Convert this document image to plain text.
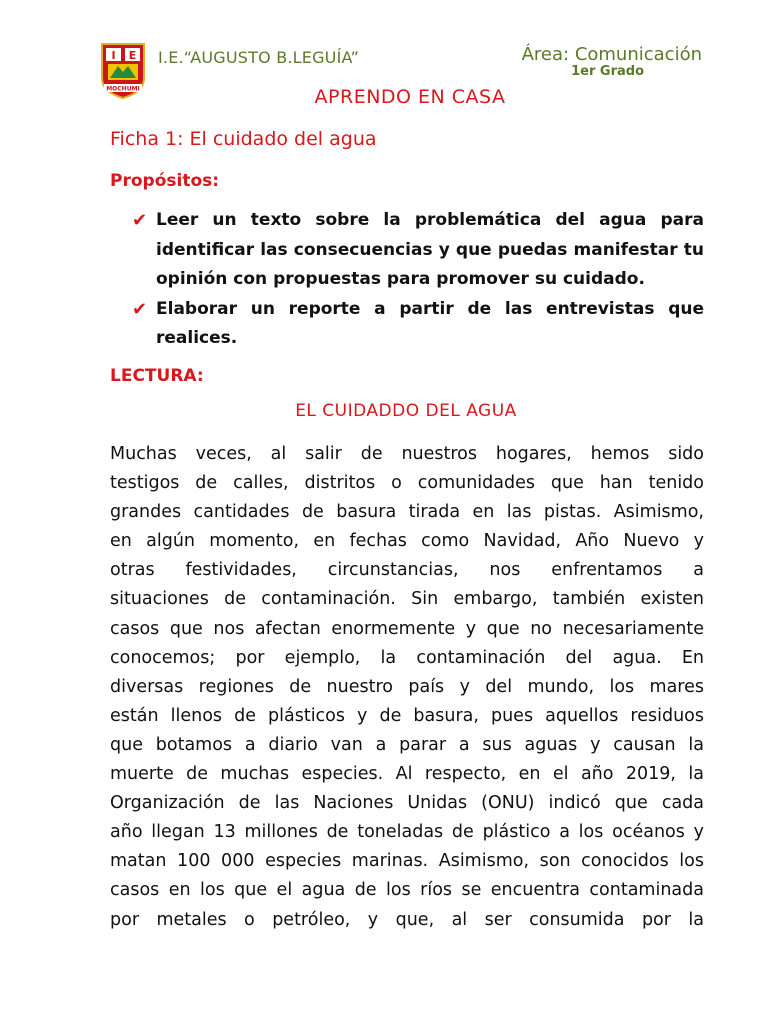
I E
MOCHUMI
I.E.“AUGUSTO B.LEGUÍA”	Área: Comunicación
1er Grado
APRENDO EN CASA
Ficha 1: El cuidado del agua
Propósitos:
✔ Leer un texto sobre la problemática del agua para identificar las consecuencias y que puedas manifestar tu opinión con propuestas para promover su cuidado.
✔ Elaborar un reporte a partir de las entrevistas que realices.
LECTURA:
EL CUIDADDO DEL AGUA
Muchas veces, al salir de nuestros hogares, hemos sido
testigos de calles, distritos o comunidades que han tenido
grandes cantidades de basura tirada en las pistas. Asimismo,
en algún momento, en fechas como Navidad, Año Nuevo y
otras festividades, circunstancias, nos enfrentamos a
situaciones de contaminación. Sin embargo, también existen
casos que nos afectan enormemente y que no necesariamente
conocemos; por ejemplo, la contaminación del agua. En
diversas regiones de nuestro país y del mundo, los mares
están llenos de plásticos y de basura, pues aquellos residuos
que botamos a diario van a parar a sus aguas y causan la
muerte de muchas especies. Al respecto, en el año 2019, la
Organización de las Naciones Unidas (ONU) indicó que cada
año llegan 13 millones de toneladas de plástico a los océanos y
matan 100 000 especies marinas. Asimismo, son conocidos los
casos en los que el agua de los ríos se encuentra contaminada
por metales o petróleo, y que, al ser consumida por la
